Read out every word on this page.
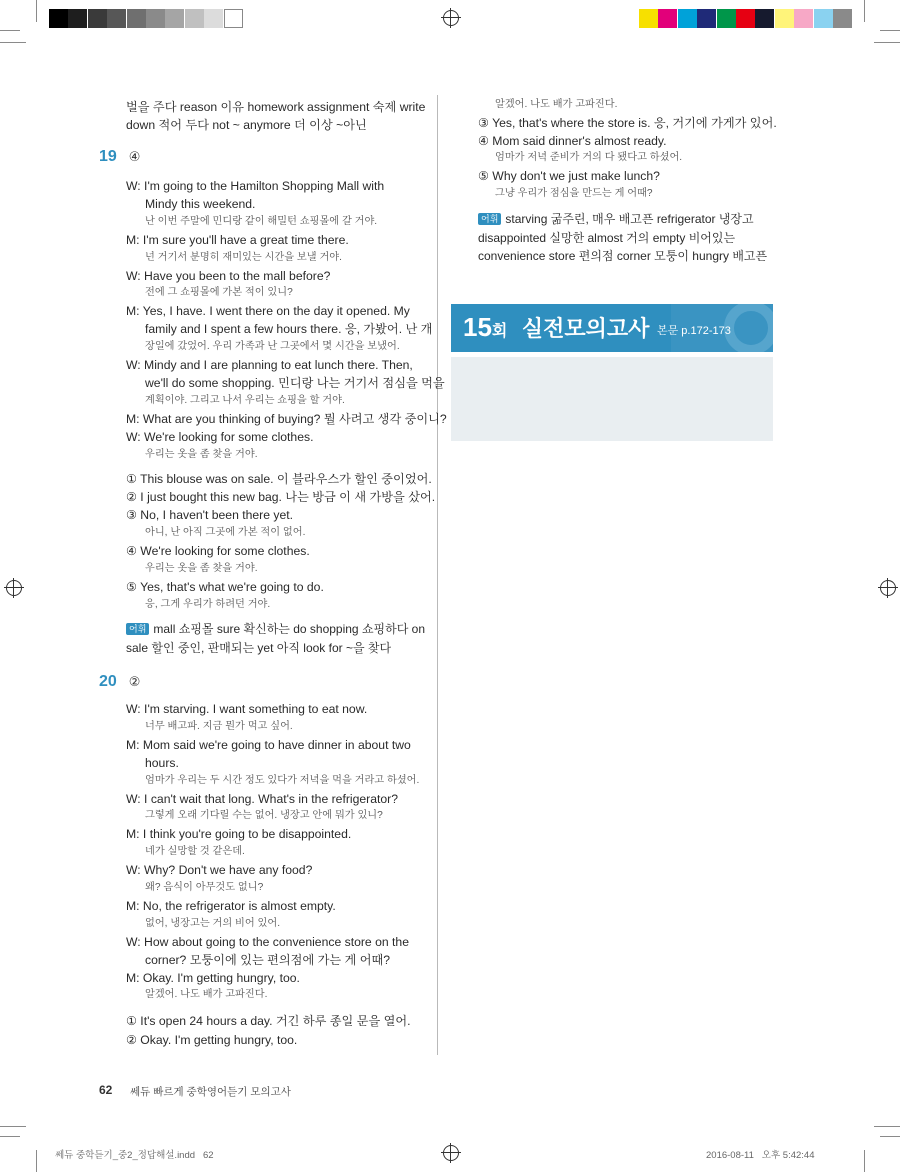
벌을 주다 reason 이유 homework assignment 숙제 write
down 적어 두다 not ~ anymore 더 이상 ~아닌
19 ④
W: I'm going to the Hamilton Shopping Mall with
Mindy this weekend.
난 이번 주말에 민디랑 같이 해밀턴 쇼핑몰에 갈 거야.
M: I'm sure you'll have a great time there.
넌 거기서 분명히 재미있는 시간을 보낼 거야.
W: Have you been to the mall before?
전에 그 쇼핑몰에 가본 적이 있니?
M: Yes, I have. I went there on the day it opened. My
family and I spent a few hours there. 응, 가봤어. 난 개
장일에 갔었어. 우리 가족과 난 그곳에서 몇 시간을 보냈어.
W: Mindy and I are planning to eat lunch there. Then,
we'll do some shopping. 민디랑 나는 거기서 점심을 먹을
계획이야. 그리고 나서 우리는 쇼핑을 할 거야.
M: What are you thinking of buying? 뭘 사려고 생각 중이니?
W: We're looking for some clothes.
우리는 옷을 좀 찾을 거야.
① This blouse was on sale. 이 블라우스가 할인 중이었어.
② I just bought this new bag. 나는 방금 이 새 가방을 샀어.
③ No, I haven't been there yet.
아니, 난 아직 그곳에 가본 적이 없어.
④ We're looking for some clothes.
우리는 옷을 좀 찾을 거야.
⑤ Yes, that's what we're going to do.
응, 그게 우리가 하려던 거야.
어휘 mall 쇼핑몰 sure 확신하는 do shopping 쇼핑하다 on
sale 할인 중인, 판매되는 yet 아직 look for ~을 찾다
20 ②
W: I'm starving. I want something to eat now.
너무 배고파. 지금 뭔가 먹고 싶어.
M: Mom said we're going to have dinner in about two
hours.
엄마가 우리는 두 시간 정도 있다가 저녁을 먹을 거라고 하셨어.
W: I can't wait that long. What's in the refrigerator?
그렇게 오래 기다릴 수는 없어. 냉장고 안에 뭐가 있니?
M: I think you're going to be disappointed.
네가 실망할 것 같은데.
W: Why? Don't we have any food?
왜? 음식이 아무것도 없니?
M: No, the refrigerator is almost empty.
없어, 냉장고는 거의 비어 있어.
W: How about going to the convenience store on the
corner? 모퉁이에 있는 편의점에 가는 게 어때?
M: Okay. I'm getting hungry, too.
알겠어. 나도 배가 고파진다.
① It's open 24 hours a day. 거긴 하루 종일 문을 열어.
② Okay. I'm getting hungry, too.
알겠어. 나도 배가 고파진다.
③ Yes, that's where the store is. 응, 거기에 가게가 있어.
④ Mom said dinner's almost ready.
엄마가 저녁 준비가 거의 다 됐다고 하셨어.
⑤ Why don't we just make lunch?
그냥 우리가 점심을 만드는 게 어때?
어휘 starving 굶주린, 매우 배고픈 refrigerator 냉장고
disappointed 실망한 almost 거의 empty 비어있는
convenience store 편의점 corner 모퉁이 hungry 배고픈
15회 실전모의고사 본문 p.172-173
62 쎄듀 빠르게 중학영어듣기 모의고사
쎄듀 중학듣기_중2_정답해설.indd   62	2016-08-11   오후 5:42:44
